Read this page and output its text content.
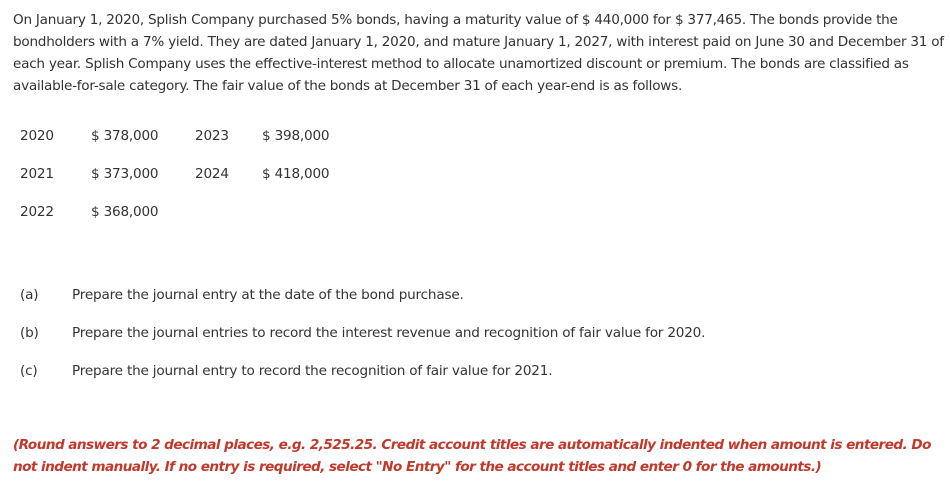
On January 1, 2020, Splish Company purchased 5% bonds, having a maturity value of $ 440,000 for $ 377,465. The bonds provide the bondholders with a 7% yield. They are dated January 1, 2020, and mature January 1, 2027, with interest paid on June 30 and December 31 of each year. Splish Company uses the effective-interest method to allocate unamortized discount or premium. The bonds are classified as available-for-sale category. The fair value of the bonds at December 31 of each year-end is as follows.
2020	$ 378,000	2023 $ 398,000
2021	$ 373,000	2024 $ 418,000
2022	$ 368,000
(a) Prepare the journal entry at the date of the bond purchase.
(b) Prepare the journal entries to record the interest revenue and recognition of fair value for 2020.
(c)	Prepare the journal entry to record the recognition of fair value for 2021.
(Round answers to 2 decimal places, e.g. 2,525.25. Credit account titles are automatically indented when amount is entered. Do not indent manually. If no entry is required, select "No Entry" for the account titles and enter 0 for the amounts.)
